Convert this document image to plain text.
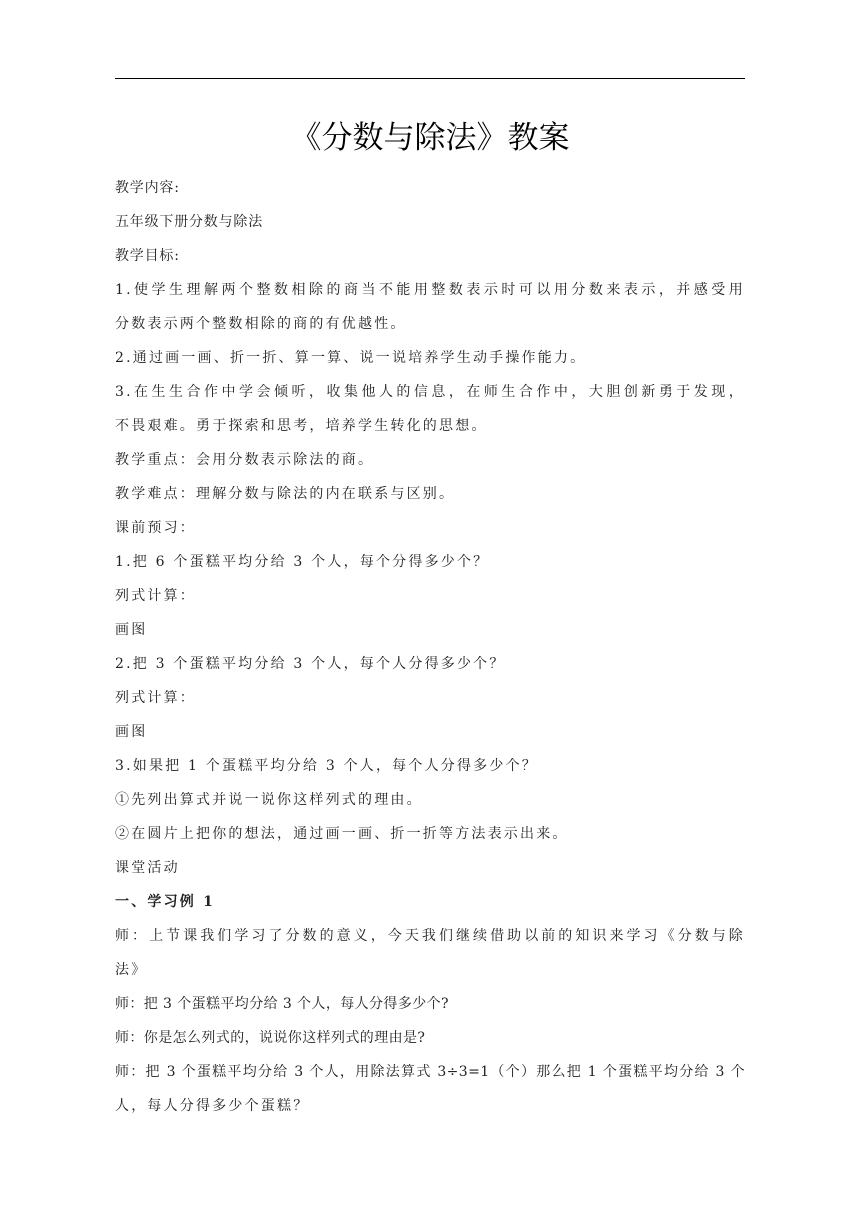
《分数与除法》教案
教学内容:
五年级下册分数与除法
教学目标:
1.使学生理解两个整数相除的商当不能用整数表示时可以用分数来表示，并感受用
分数表示两个整数相除的商的有优越性。
2.通过画一画、折一折、算一算、说一说培养学生动手操作能力。
3.在生生合作中学会倾听，收集他人的信息，在师生合作中，大胆创新勇于发现，
不畏艰难。勇于探索和思考，培养学生转化的思想。
教学重点：会用分数表示除法的商。
教学难点：理解分数与除法的内在联系与区别。
课前预习：
1.把 6 个蛋糕平均分给 3 个人，每个分得多少个？
列式计算：
画图
2.把 3 个蛋糕平均分给 3 个人，每个人分得多少个？
列式计算：
画图
3.如果把 1 个蛋糕平均分给 3 个人，每个人分得多少个？
①先列出算式并说一说你这样列式的理由。
②在圆片上把你的想法，通过画一画、折一折等方法表示出来。
课堂活动
一、学习例 1
师：上节课我们学习了分数的意义，今天我们继续借助以前的知识来学习《分数与除
法》
师：把 3 个蛋糕平均分给 3 个人，每人分得多少个?
师：你是怎么列式的，说说你这样列式的理由是?
师：把 3 个蛋糕平均分给 3 个人，用除法算式 3÷3=1（个）那么把 1 个蛋糕平均分给 3 个
人，每人分得多少个蛋糕？
